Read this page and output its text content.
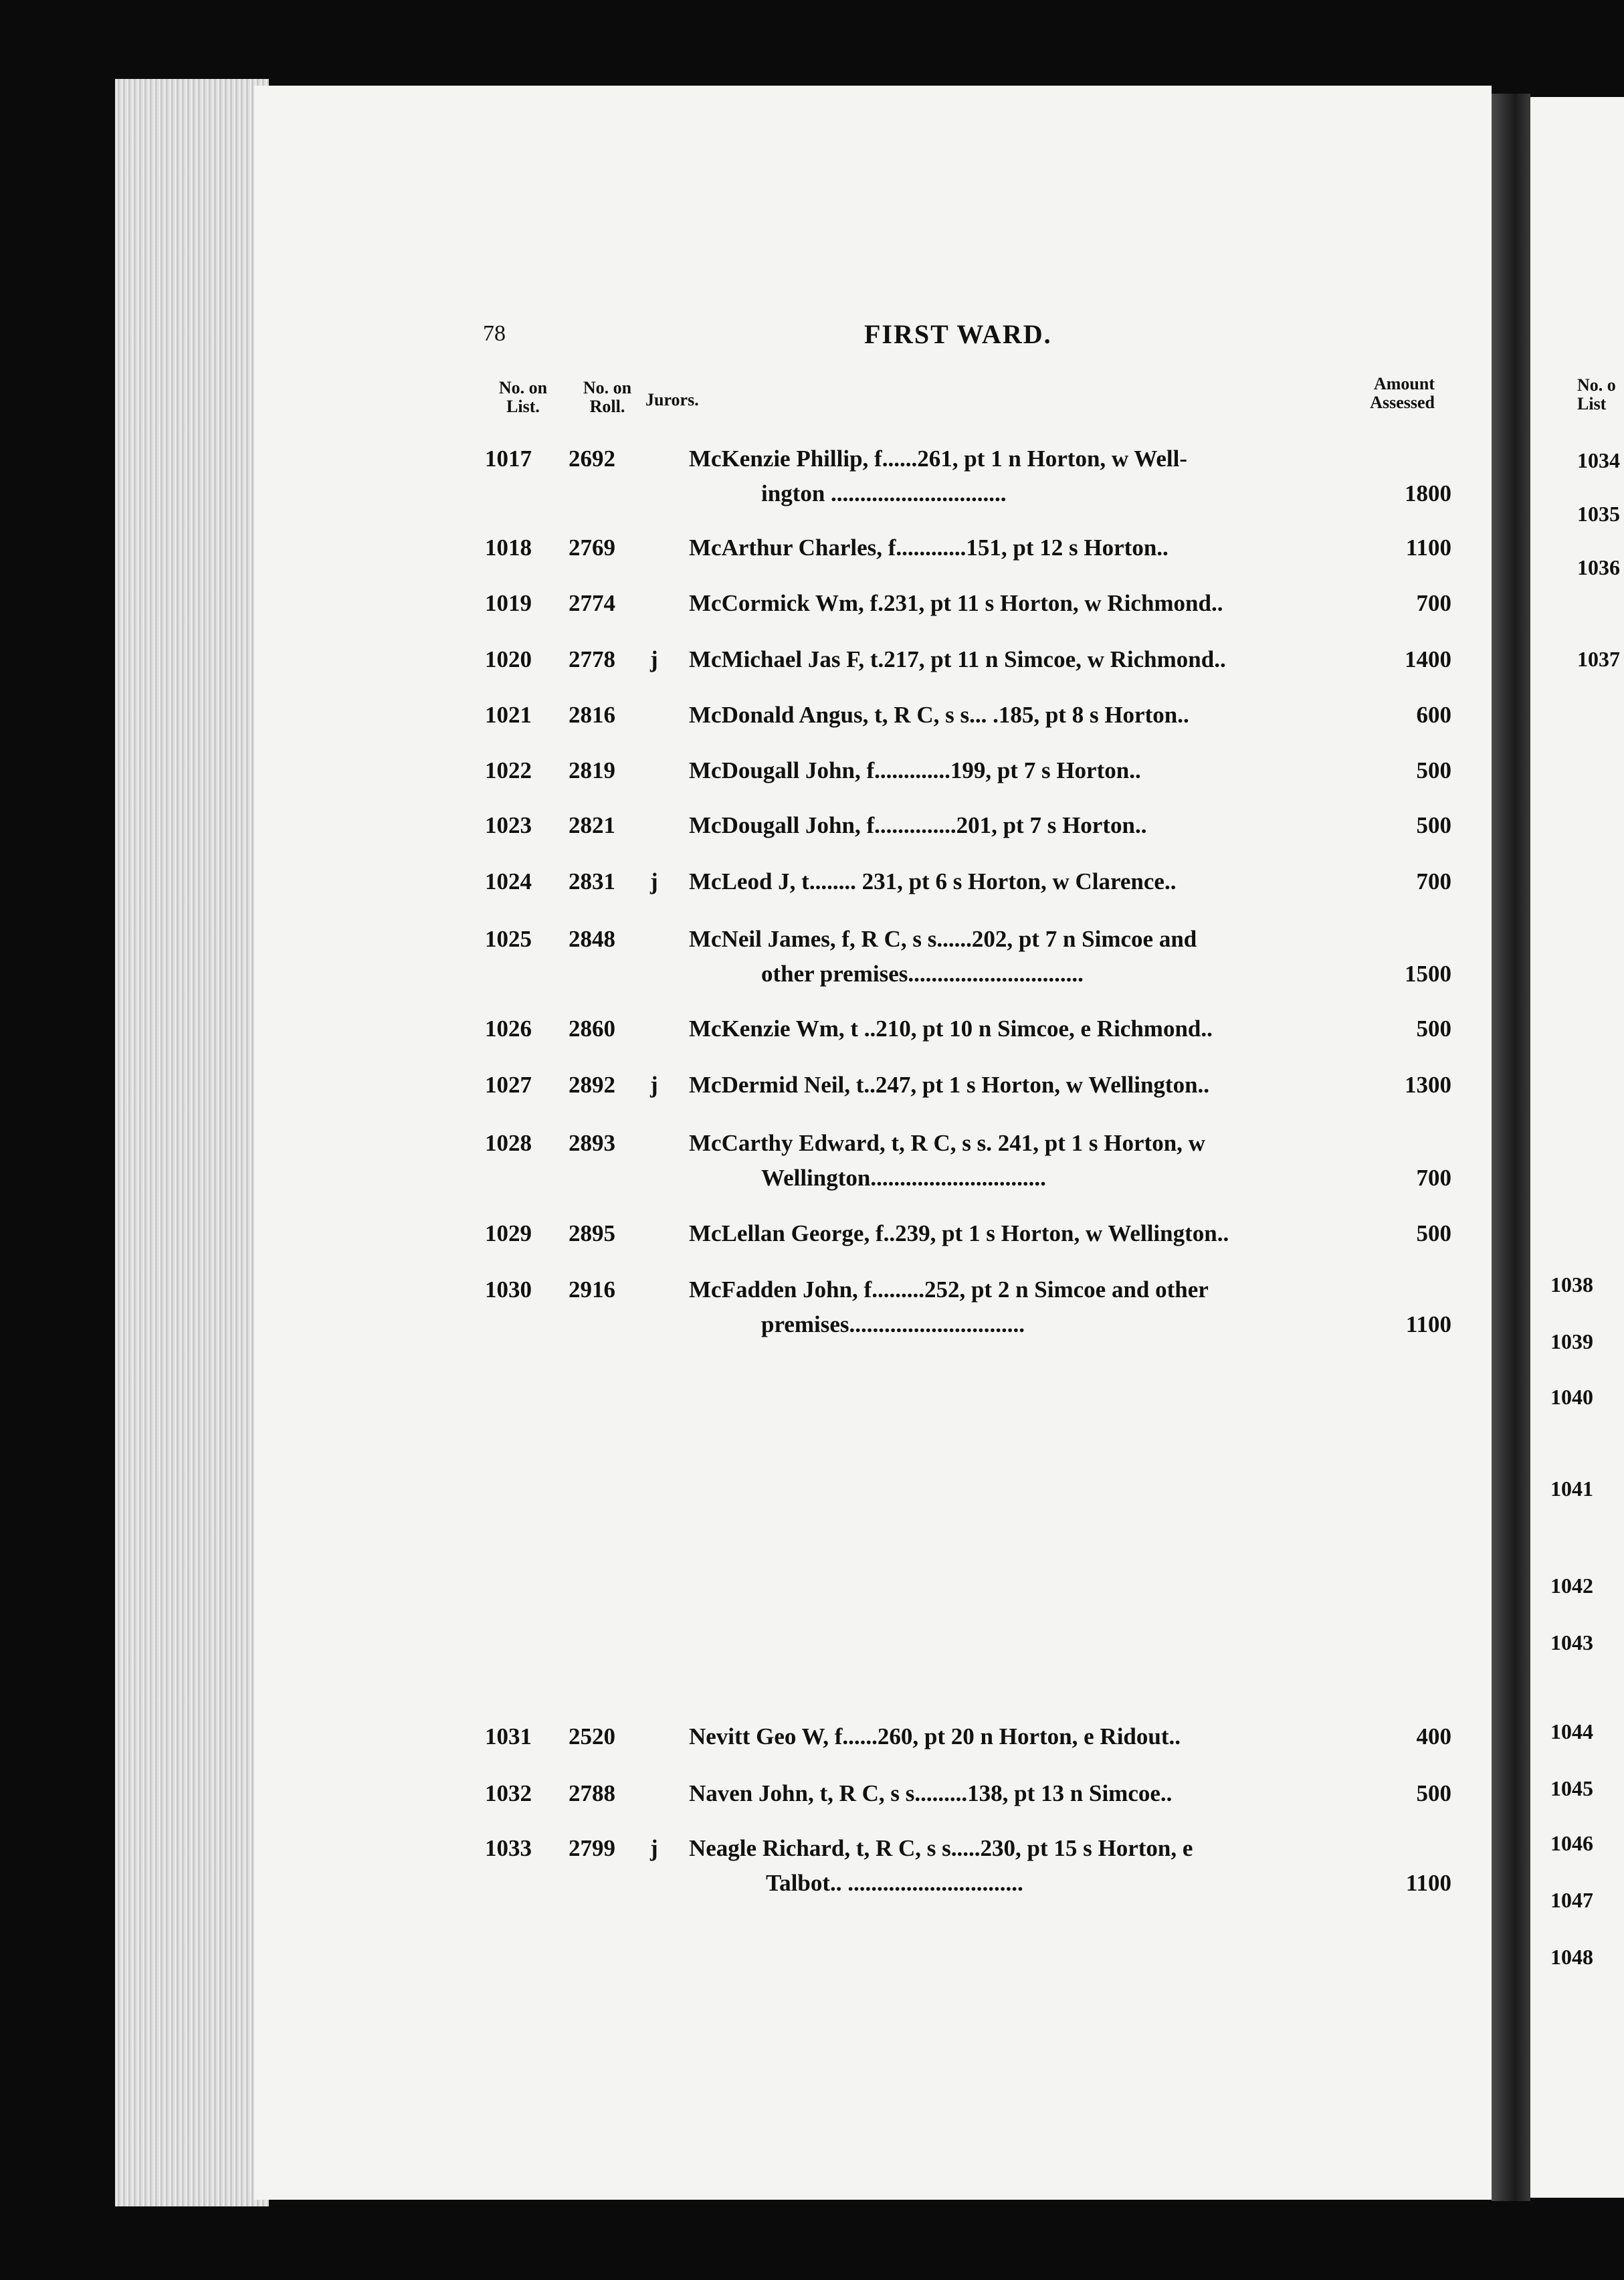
78	FIRST WARD.
No. on List.
No. on Roll.	Jurors.
Amount Assessed
1017	2692	McKenzie Phillip, f......261, pt 1 n Horton, w Well-
ington ..............................	1800
1018	2769	McArthur Charles, f............151, pt 12 s Horton..	1100
1019	2774	McCormick Wm, f.231, pt 11 s Horton, w Richmond..	700
1020	2778	j McMichael Jas F, t.217, pt 11 n Simcoe, w Richmond..	1400
1021	2816	McDonald Angus, t, R C, s s... .185, pt 8 s Horton..	600
1022	2819	McDougall John, f.............199, pt 7 s Horton..	500
1023	2821	McDougall John, f..............201, pt 7 s Horton..	500
1024	2831	j McLeod J, t........ 231, pt 6 s Horton, w Clarence..	700
1025	2848	McNeil James, f, R C, s s......202, pt 7 n Simcoe and
other premises..............................	1500
1026	2860	McKenzie Wm, t ..210, pt 10 n Simcoe, e Richmond..	500
1027	2892	j McDermid Neil, t..247, pt 1 s Horton, w Wellington..	1300
1028	2893	McCarthy Edward, t, R C, s s. 241, pt 1 s Horton, w
Wellington..............................	700
1029	2895	McLellan George, f..239, pt 1 s Horton, w Wellington..	500
1030	2916	McFadden John, f.........252, pt 2 n Simcoe and other
premises..............................	1100
1031	2520	Nevitt Geo W, f......260, pt 20 n Horton, e Ridout..	400
1032	2788	Naven John, t, R C, s s.........138, pt 13 n Simcoe..	500
1033	2799	j Neagle Richard, t, R C, s s.....230, pt 15 s Horton, e
Talbot.. ..............................	1100
No. o List
1034
1035
1036
1037
1038
1039
1040
1041
1042
1043
1044
1045
1046
1047
1048
